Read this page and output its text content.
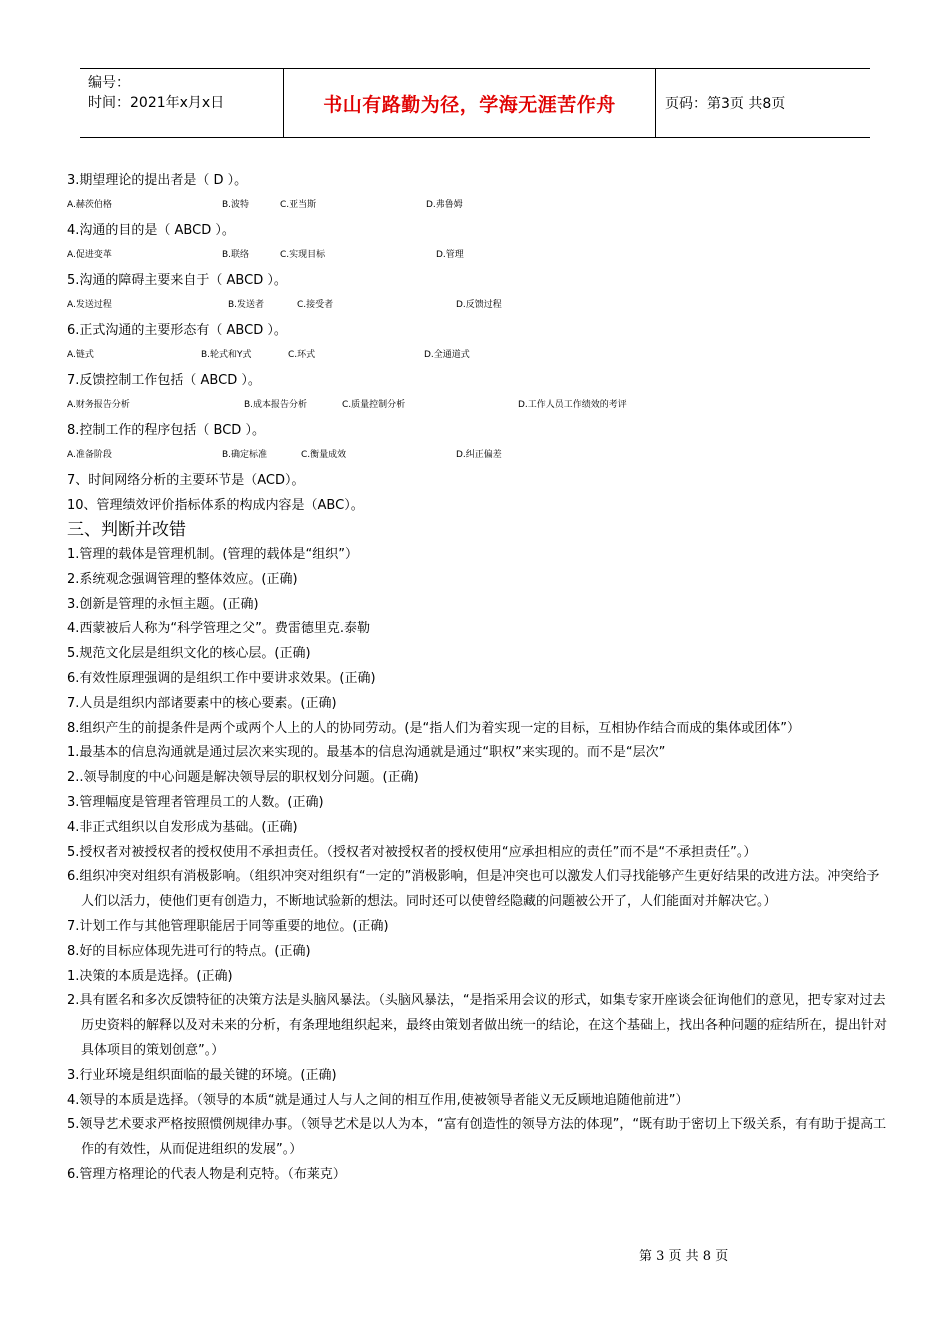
编号：
时间：2021年x月x日	书山有路勤为径，学海无涯苦作舟	页码：第3页 共8页
3.期望理论的提出者是（ D ）。
A.赫茨伯格	B.波特	C.亚当斯	D.弗鲁姆
4.沟通的目的是（ ABCD ）。
A.促进变革	B.联络	C.实现目标	D.管理
5.沟通的障碍主要来自于（ ABCD ）。
A.发送过程	B.发送者	C.接受者	D.反馈过程
6.正式沟通的主要形态有（ ABCD ）。
A.链式	B.轮式和Y式	C.环式	D.全通道式
7.反馈控制工作包括（ ABCD ）。
A.财务报告分析	B.成本报告分析	C.质量控制分析	D.工作人员工作绩效的考评
8.控制工作的程序包括（ BCD ）。
A.准备阶段	B.确定标准	C.衡量成效	D.纠正偏差
7、时间网络分析的主要环节是（ACD）。
10、管理绩效评价指标体系的构成内容是（ABC）。
三、判断并改错
1.管理的载体是管理机制。(管理的载体是“组织”）
2.系统观念强调管理的整体效应。(正确)
3.创新是管理的永恒主题。(正确)
4.西蒙被后人称为“科学管理之父”。费雷德里克.泰勒
5.规范文化层是组织文化的核心层。(正确)
6.有效性原理强调的是组织工作中要讲求效果。(正确)
7.人员是组织内部诸要素中的核心要素。(正确)
8.组织产生的前提条件是两个或两个人上的人的协同劳动。(是“指人们为着实现一定的目标，互相协作结合而成的集体或团体”）
1.最基本的信息沟通就是通过层次来实现的。最基本的信息沟通就是通过“职权”来实现的。而不是“层次”
2..领导制度的中心问题是解决领导层的职权划分问题。(正确)
3.管理幅度是管理者管理员工的人数。(正确)
4.非正式组织以自发形成为基础。(正确)
5.授权者对被授权者的授权使用不承担责任。（授权者对被授权者的授权使用“应承担相应的责任”而不是“不承担责任”。）
6.组织冲突对组织有消极影响。（组织冲突对组织有“一定的”消极影响，但是冲突也可以激发人们寻找能够产生更好结果的改进方法。冲突给予人们以活力，使他们更有创造力，不断地试验新的想法。同时还可以使曾经隐藏的问题被公开了，人们能面对并解决它。）
7.计划工作与其他管理职能居于同等重要的地位。(正确)
8.好的目标应体现先进可行的特点。(正确)
1.决策的本质是选择。(正确)
2.具有匿名和多次反馈特征的决策方法是头脑风暴法。（头脑风暴法，“是指采用会议的形式，如集专家开座谈会征询他们的意见，把专家对过去历史资料的解释以及对未来的分析，有条理地组织起来，最终由策划者做出统一的结论，在这个基础上，找出各种问题的症结所在，提出针对具体项目的策划创意”。）
3.行业环境是组织面临的最关键的环境。(正确)
4.领导的本质是选择。（领导的本质“就是通过人与人之间的相互作用,使被领导者能义无反顾地追随他前进”）
5.领导艺术要求严格按照惯例规律办事。（领导艺术是以人为本，“富有创造性的领导方法的体现”，“既有助于密切上下级关系，有有助于提高工作的有效性，从而促进组织的发展”。）
6.管理方格理论的代表人物是利克特。（布莱克）
第 3 页 共 8 页
